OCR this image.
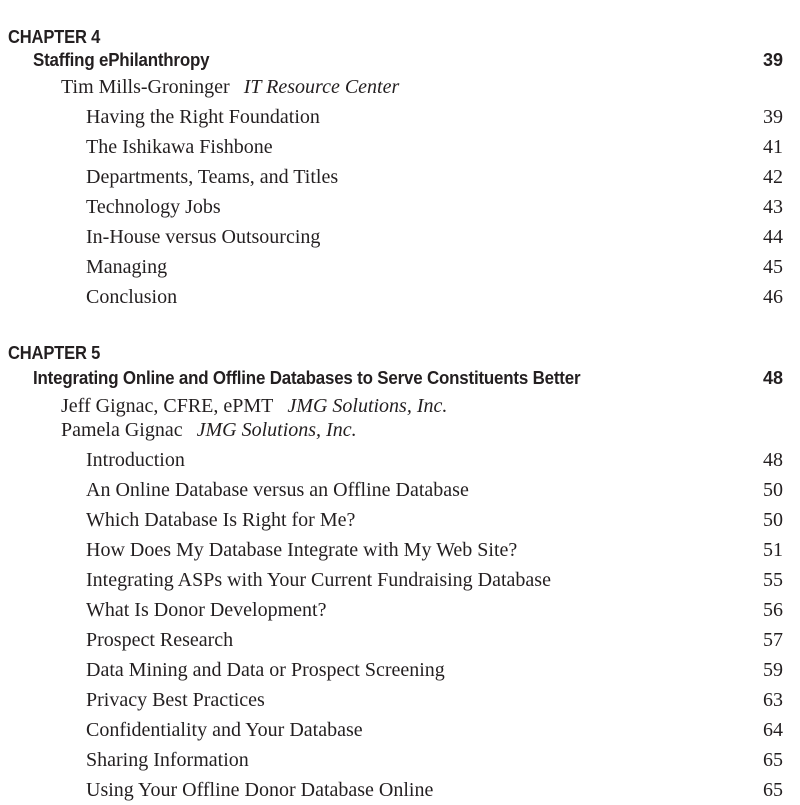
CHAPTER 4
Staffing ePhilanthropy	39
Tim Mills-Groninger IT Resource Center
Having the Right Foundation	39
The Ishikawa Fishbone	41
Departments, Teams, and Titles	42
Technology Jobs	43
In-House versus Outsourcing	44
Managing	45
Conclusion	46
CHAPTER 5
Integrating Online and Offline Databases to Serve Constituents Better	48
Jeff Gignac, CFRE, ePMT JMG Solutions, Inc.
Pamela Gignac JMG Solutions, Inc.
Introduction	48
An Online Database versus an Offline Database	50
Which Database Is Right for Me?	50
How Does My Database Integrate with My Web Site?	51
Integrating ASPs with Your Current Fundraising Database	55
What Is Donor Development?	56
Prospect Research	57
Data Mining and Data or Prospect Screening	59
Privacy Best Practices	63
Confidentiality and Your Database	64
Sharing Information	65
Using Your Offline Donor Database Online	65
